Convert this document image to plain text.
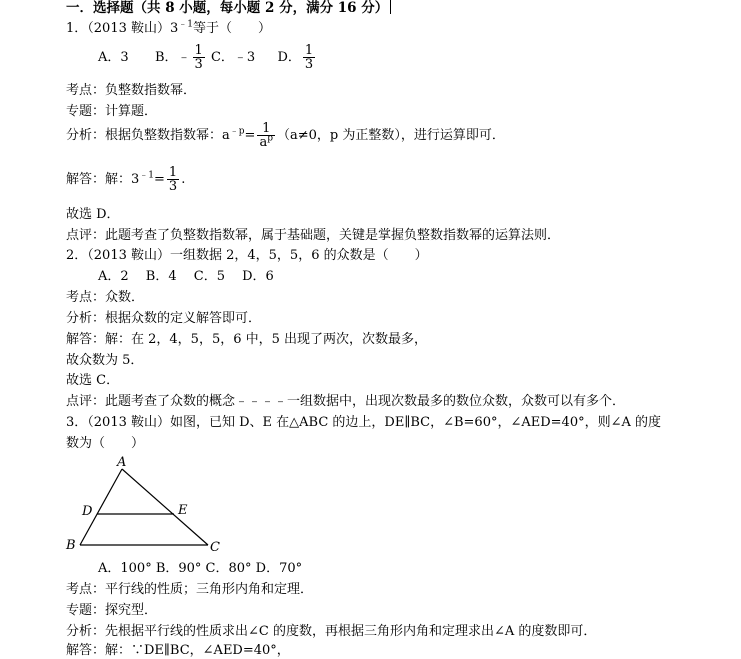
一．选择题（共 8 小题，每小题 2 分，满分 16 分）
1．（2013 鞍山）$3^{﹣1}$等于（　　）
A．3 B．﹣ $\frac{1}{3}$ C．﹣3 D． $\frac{1}{3}$
考点：负整数指数幂．
专题：计算题．
分析：根据负整数指数幂：$a^{﹣p}= \frac{1}{a^p} (a\ne 0$，p 为正整数），进行运算即可．
解答：解：$3^{﹣1}= \frac{1}{3}$ .
故选 D．
点评：此题考查了负整数指数幂，属于基础题，关键是掌握负整数指数幂的运算法则．
2．（2013 鞍山）一组数据 2，4，5，5，6 的众数是（　　）
A．2　 B．4　 C．5　 D．6
考点：众数．
分析：根据众数的定义解答即可．
解答：解：在 2，4，5，5，6 中，5 出现了两次，次数最多，
故众数为 5．
故选 C．
点评：此题考查了众数的概念﹣﹣﹣﹣一组数据中，出现次数最多的数位众数，众数可以有多个．
3．（2013 鞍山）如图，已知 D、E 在△ABC 的边上，DE∥BC，∠B=60°，∠AED=40°，则∠A 的度
数为（　　）
A
B	C
D	E
A．100° B．90° C．80° D．70°
考点：平行线的性质；三角形内角和定理．
专题：探究型．
分析：先根据平行线的性质求出∠C 的度数，再根据三角形内角和定理求出∠A 的度数即可．
解答：解：∵DE∥BC，∠AED=40°，
